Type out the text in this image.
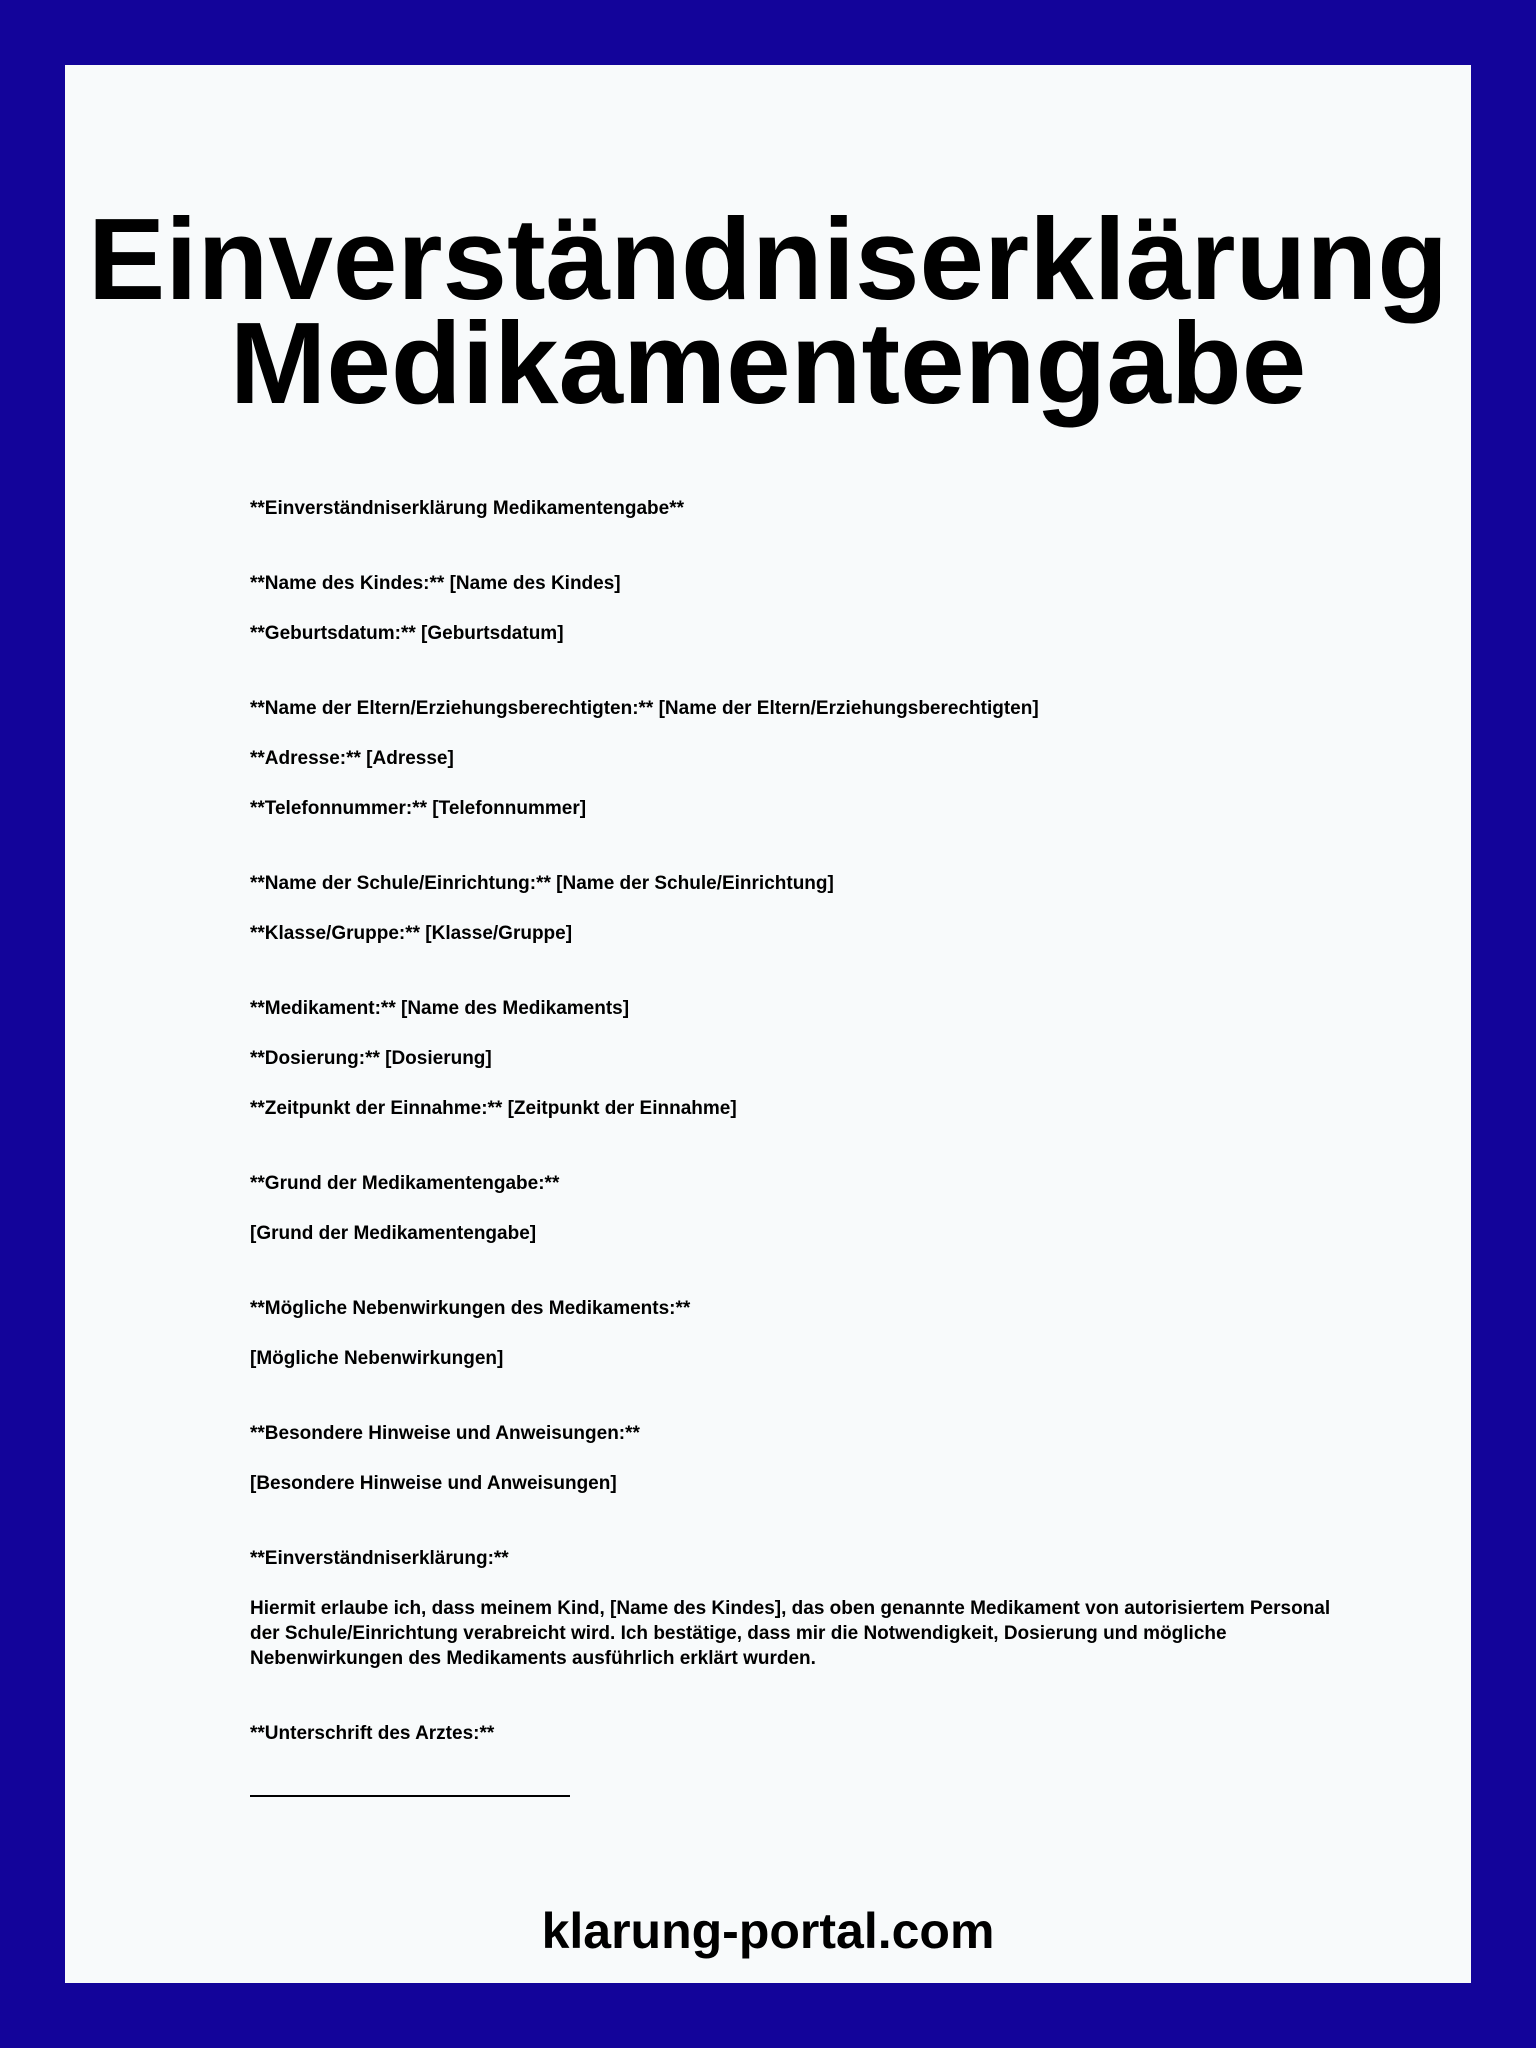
Einverständniserklärung
Medikamentengabe
**Einverständniserklärung Medikamentengabe**
**Name des Kindes:** [Name des Kindes]
**Geburtsdatum:** [Geburtsdatum]
**Name der Eltern/Erziehungsberechtigten:** [Name der Eltern/Erziehungsberechtigten]
**Adresse:** [Adresse]
**Telefonnummer:** [Telefonnummer]
**Name der Schule/Einrichtung:** [Name der Schule/Einrichtung]
**Klasse/Gruppe:** [Klasse/Gruppe]
**Medikament:** [Name des Medikaments]
**Dosierung:** [Dosierung]
**Zeitpunkt der Einnahme:** [Zeitpunkt der Einnahme]
**Grund der Medikamentengabe:**
[Grund der Medikamentengabe]
**Mögliche Nebenwirkungen des Medikaments:**
[Mögliche Nebenwirkungen]
**Besondere Hinweise und Anweisungen:**
[Besondere Hinweise und Anweisungen]
**Einverständniserklärung:**
Hiermit erlaube ich, dass meinem Kind, [Name des Kindes], das oben genannte Medikament von autorisiertem Personal der Schule/Einrichtung verabreicht wird. Ich bestätige, dass mir die Notwendigkeit, Dosierung und mögliche Nebenwirkungen des Medikaments ausführlich erklärt wurden.
**Unterschrift des Arztes:**
klarung-portal.com
